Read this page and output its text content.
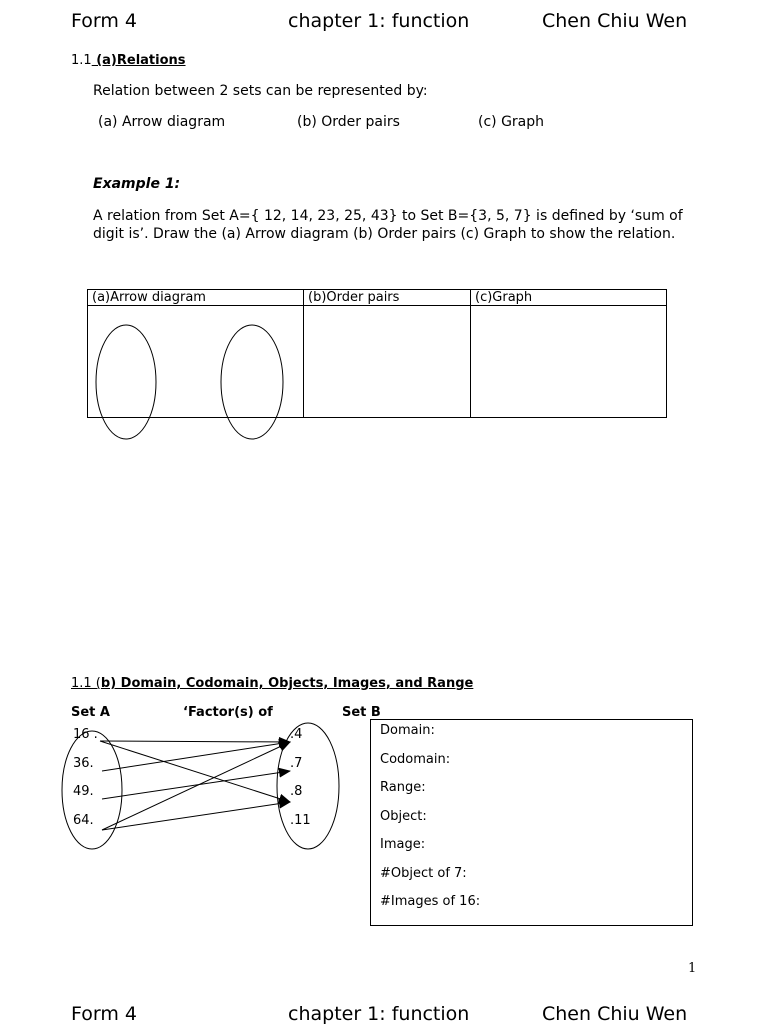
Form 4	chapter 1: function	Chen Chiu Wen
1.1 (a)Relations
Relation between 2 sets can be represented by:
(a) Arrow diagram	(b) Order pairs	(c) Graph
Example 1:
A relation from Set A={ 12, 14, 23, 25, 43} to Set B={3, 5, 7} is defined by ‘sum of
digit is’. Draw the (a) Arrow diagram (b) Order pairs (c) Graph to show the relation.
(a)Arrow diagram	(b)Order pairs	(c)Graph

1.1 (b) Domain, Codomain, Objects, Images, and Range
Set A	‘Factor(s) of	Set B
16 .
36.
49.
64.
.4
.7
.8
.11
Domain:
Codomain:
Range:
Object:
Image:
#Object of 7:
#Images of 16:
1
Form 4	chapter 1: function	Chen Chiu Wen
